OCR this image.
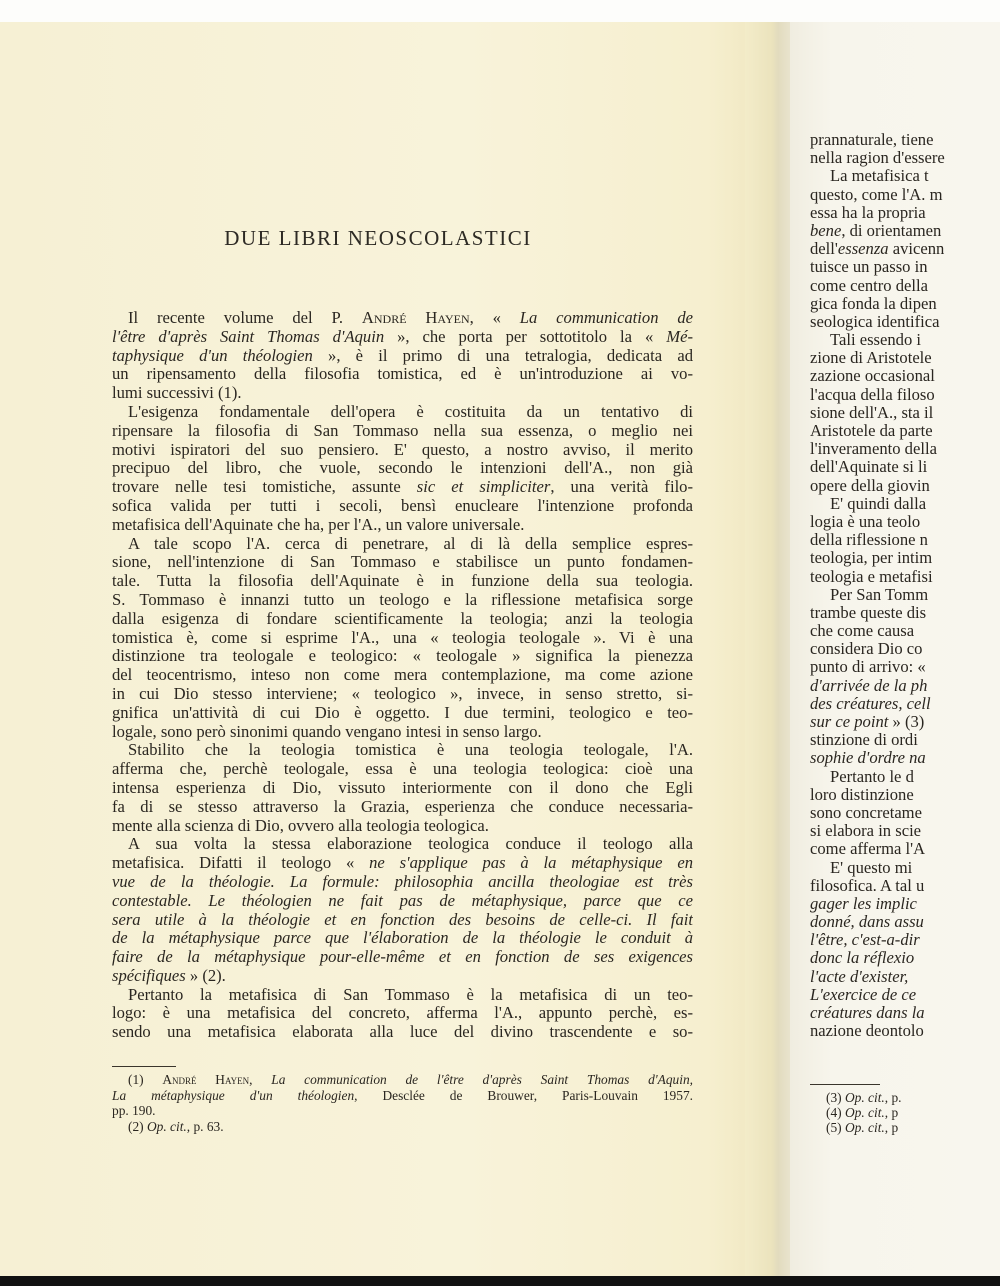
DUE LIBRI NEOSCOLASTICI
Il recente volume del P. André Hayen, « La communication de
l'être d'après Saint Thomas d'Aquin », che porta per sottotitolo la « Mé-
taphysique d'un théologien », è il primo di una tetralogia, dedicata ad
un ripensamento della filosofia tomistica, ed è un'introduzione ai vo-
lumi successivi (1).
L'esigenza fondamentale dell'opera è costituita da un tentativo di
ripensare la filosofia di San Tommaso nella sua essenza, o meglio nei
motivi ispiratori del suo pensiero. E' questo, a nostro avviso, il merito
precipuo del libro, che vuole, secondo le intenzioni dell'A., non già
trovare nelle tesi tomistiche, assunte sic et simpliciter, una verità filo-
sofica valida per tutti i secoli, bensì enucleare l'intenzione profonda
metafisica dell'Aquinate che ha, per l'A., un valore universale.
A tale scopo l'A. cerca di penetrare, al di là della semplice espres-
sione, nell'intenzione di San Tommaso e stabilisce un punto fondamen-
tale. Tutta la filosofia dell'Aquinate è in funzione della sua teologia.
S. Tommaso è innanzi tutto un teologo e la riflessione metafisica sorge
dalla esigenza di fondare scientificamente la teologia; anzi la teologia
tomistica è, come si esprime l'A., una « teologia teologale ». Vi è una
distinzione tra teologale e teologico: « teologale » significa la pienezza
del teocentrismo, inteso non come mera contemplazione, ma come azione
in cui Dio stesso interviene; « teologico », invece, in senso stretto, si-
gnifica un'attività di cui Dio è oggetto. I due termini, teologico e teo-
logale, sono però sinonimi quando vengano intesi in senso largo.
Stabilito che la teologia tomistica è una teologia teologale, l'A.
afferma che, perchè teologale, essa è una teologia teologica: cioè una
intensa esperienza di Dio, vissuto interiormente con il dono che Egli
fa di se stesso attraverso la Grazia, esperienza che conduce necessaria-
mente alla scienza di Dio, ovvero alla teologia teologica.
A sua volta la stessa elaborazione teologica conduce il teologo alla
metafisica. Difatti il teologo « ne s'applique pas à la métaphysique en
vue de la théologie. La formule: philosophia ancilla theologiae est très
contestable. Le théologien ne fait pas de métaphysique, parce que ce
sera utile à la théologie et en fonction des besoins de celle-ci. Il fait
de la métaphysique parce que l'élaboration de la théologie le conduit à
faire de la métaphysique pour-elle-même et en fonction de ses exigences
spécifiques » (2).
Pertanto la metafisica di San Tommaso è la metafisica di un teo-
logo: è una metafisica del concreto, afferma l'A., appunto perchè, es-
sendo una metafisica elaborata alla luce del divino trascendente e so-
(1) André Hayen, La communication de l'être d'après Saint Thomas d'Aquin,
La métaphysique d'un théologien, Desclée de Brouwer, Paris-Louvain 1957.
pp. 190.
(2) Op. cit., p. 63.
prannaturale, tiene
nella ragion d'essere
La metafisica t
questo, come l'A. m
essa ha la propria
bene, di orientamen
dell'essenza avicenn
tuisce un passo in
come centro della
gica fonda la dipen
seologica identifica
Tali essendo i
zione di Aristotele
zazione occasional
l'acqua della filoso
sione dell'A., sta il
Aristotele da parte
l'inveramento della
dell'Aquinate si li
opere della giovin
E' quindi dalla
logia è una teolo
della riflessione n
teologia, per intim
teologia e metafisi
Per San Tomm
trambe queste dis
che come causa
considera Dio co
punto di arrivo: «
d'arrivée de la ph
des créatures, cell
sur ce point » (3)
stinzione di ordi
sophie d'ordre na
Pertanto le d
loro distinzione
sono concretame
si elabora in scie
come afferma l'A
E' questo mi
filosofica. A tal u
gager les implic
donné, dans assu
l'être, c'est-a-dir
donc la réflexio
l'acte d'exister,
L'exercice de ce
créatures dans la
nazione deontolo
(3) Op. cit., p.
(4) Op. cit., p
(5) Op. cit., p
